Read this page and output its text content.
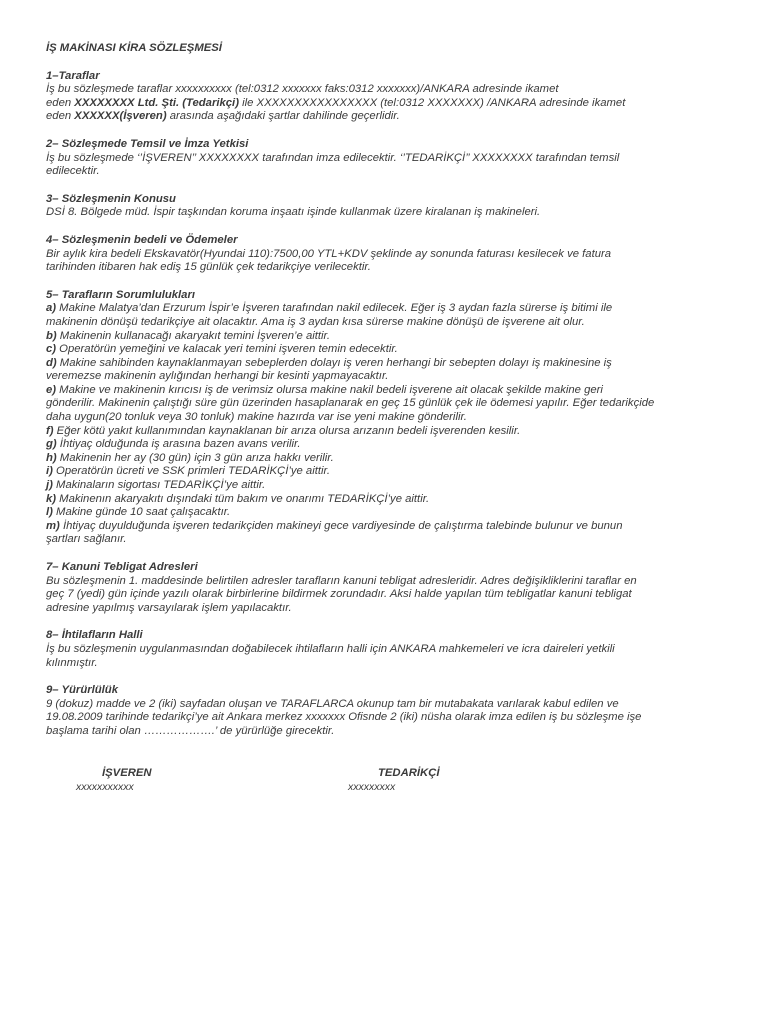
İŞ MAKİNASI KİRA SÖZLEŞMESİ
1–Taraflar
İş bu sözleşmede taraflar xxxxxxxxxx (tel:0312 xxxxxxx faks:0312 xxxxxxx)/ANKARA adresinde ikamet
eden XXXXXXXX Ltd. Şti. (Tedarikçi) ile XXXXXXXXXXXXXXXX (tel:0312 XXXXXXX) /ANKARA adresinde ikamet
eden XXXXXX(İşveren) arasında aşağıdaki şartlar dahilinde geçerlidir.
2– Sözleşmede Temsil ve İmza Yetkisi
İş bu sözleşmede ‘’İŞVEREN’’ XXXXXXXX tarafından imza edilecektir. ‘’TEDARİKÇİ’’ XXXXXXXX tarafından temsil
edilecektir.
3– Sözleşmenin Konusu
DSİ 8. Bölgede müd. İspir taşkından koruma inşaatı işinde kullanmak üzere kiralanan iş makineleri.
4– Sözleşmenin bedeli ve Ödemeler
Bir aylık kira bedeli Ekskavatör(Hyundai 110):7500,00 YTL+KDV şeklinde ay sonunda faturası kesilecek ve fatura
tarihinden itibaren hak ediş 15 günlük çek tedarikçiye verilecektir.
5– Tarafların Sorumlulukları
a) Makine Malatya’dan Erzurum İspir’e İşveren tarafından nakil edilecek. Eğer iş 3 aydan fazla sürerse iş bitimi ile
makinenin dönüşü tedarikçiye ait olacaktır. Ama iş 3 aydan kısa sürerse makine dönüşü de işverene ait olur.
b) Makinenin kullanacağı akaryakıt temini İşveren’e aittir.
c) Operatörün yemeğini ve kalacak yeri temini işveren temin edecektir.
d) Makine sahibinden kaynaklanmayan sebeplerden dolayı iş veren herhangi bir sebepten dolayı iş makinesine iş
veremezse makinenin aylığından herhangi bir kesinti yapmayacaktır.
e) Makine ve makinenin kırıcısı iş de verimsiz olursa makine nakil bedeli işverene ait olacak şekilde makine geri
gönderilir. Makinenin çalıştığı süre gün üzerinden hasaplanarak en geç 15 günlük çek ile ödemesi yapılır. Eğer tedarikçide
daha uygun(20 tonluk veya 30 tonluk) makine hazırda var ise yeni makine gönderilir.
f) Eğer kötü yakıt kullanımından kaynaklanan bir arıza olursa arızanın bedeli işverenden kesilir.
g) İhtiyaç olduğunda iş arasına bazen avans verilir.
h) Makinenin her ay (30 gün) için 3 gün arıza hakkı verilir.
i) Operatörün ücreti ve SSK primleri TEDARİKÇİ’ye aittir.
j) Makinaların sigortası TEDARİKÇİ’ye aittir.
k) Makinenın akaryakıtı dışındaki tüm bakım ve onarımı TEDARİKÇİ’ye aittir.
l) Makine günde 10 saat çalışacaktır.
m) İhtiyaç duyulduğunda işveren tedarikçiden makineyi gece vardiyesinde de çalıştırma talebinde bulunur ve bunun
şartları sağlanır.
7– Kanuni Tebligat Adresleri
Bu sözleşmenin 1. maddesinde belirtilen adresler tarafların kanuni tebligat adresleridir. Adres değişikliklerini taraflar en
geç 7 (yedi) gün içinde yazılı olarak birbirlerine bildirmek zorundadır. Aksi halde yapılan tüm tebligatlar kanuni tebligat
adresine yapılmış varsayılarak işlem yapılacaktır.
8– İhtilafların Halli
İş bu sözleşmenin uygulanmasından doğabilecek ihtilafların halli için ANKARA mahkemeleri ve icra daireleri yetkili
kılınmıştır.
9– Yürürlülük
9 (dokuz) madde ve 2 (iki) sayfadan oluşan ve TARAFLARCA okunup tam bir mutabakata varılarak kabul edilen ve
19.08.2009 tarihinde tedarikçi’ye ait Ankara merkez xxxxxxx Ofisnde 2 (iki) nüsha olarak imza edilen iş bu sözleşme işe
başlama tarihi olan ……………….’ de yürürlüğe girecektir.
İŞVEREN
xxxxxxxxxxx
TEDARİKÇİ
xxxxxxxxx
